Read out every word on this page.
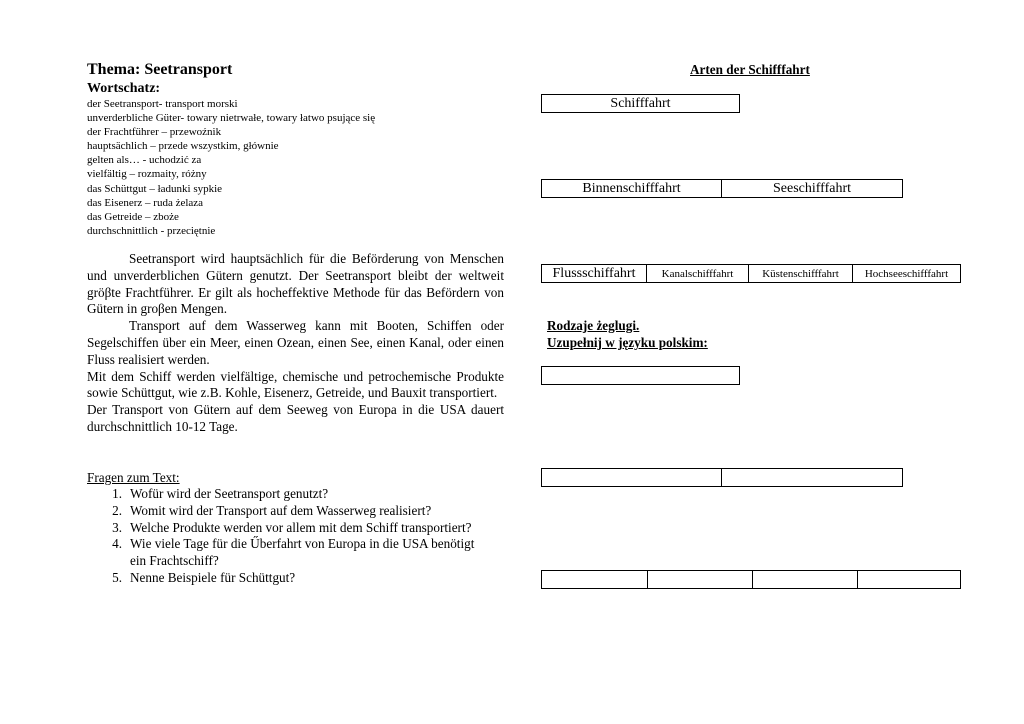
Thema: Seetransport
Wortschatz:
der Seetransport- transport morski
unverderbliche Güter- towary nietrwałe, towary łatwo psujące się
der Frachtführer – przewoźnik
hauptsächlich – przede wszystkim, głównie
gelten als… - uchodzić za
vielfältig – rozmaity, różny
das Schüttgut – ładunki sypkie
das Eisenerz – ruda żelaza
das Getreide – zboże
durchschnittlich - przeciętnie

Seetransport wird hauptsächlich für die Beförderung von Menschen und unverderblichen Gütern genutzt. Der Seetransport bleibt der weltweit gröβte Frachtführer. Er gilt als hocheffektive Methode für das Befördern von Gütern in groβen Mengen.

Transport auf dem Wasserweg kann mit Booten, Schiffen oder Segelschiffen über ein Meer, einen Ozean, einen See, einen Kanal, oder einen Fluss realisiert werden.

Mit dem Schiff werden vielfältige, chemische und petrochemische Produkte sowie Schüttgut, wie z.B. Kohle, Eisenerz, Getreide, und Bauxit transportiert.

Der Transport von Gütern auf dem Seeweg von Europa in die USA dauert durchschnittlich 10-12 Tage.

Fragen zum Text:
1. Wofür wird der Seetransport genutzt?
2. Womit wird der Transport auf dem Wasserweg realisiert?
3. Welche Produkte werden vor allem mit dem Schiff transportiert?
4. Wie viele Tage für die Űberfahrt von Europa in die USA benötigt ein Frachtschiff?
5. Nenne Beispiele für Schüttgut?
Arten der Schifffahrt
Schifffahrt
Binnenschifffahrt	Seeschifffahrt
Flussschiffahrt	Kanalschifffahrt	Küstenschifffahrt	Hochseeschifffahrt
Rodzaje żeglugi.
Uzupełnij w języku polskim:
